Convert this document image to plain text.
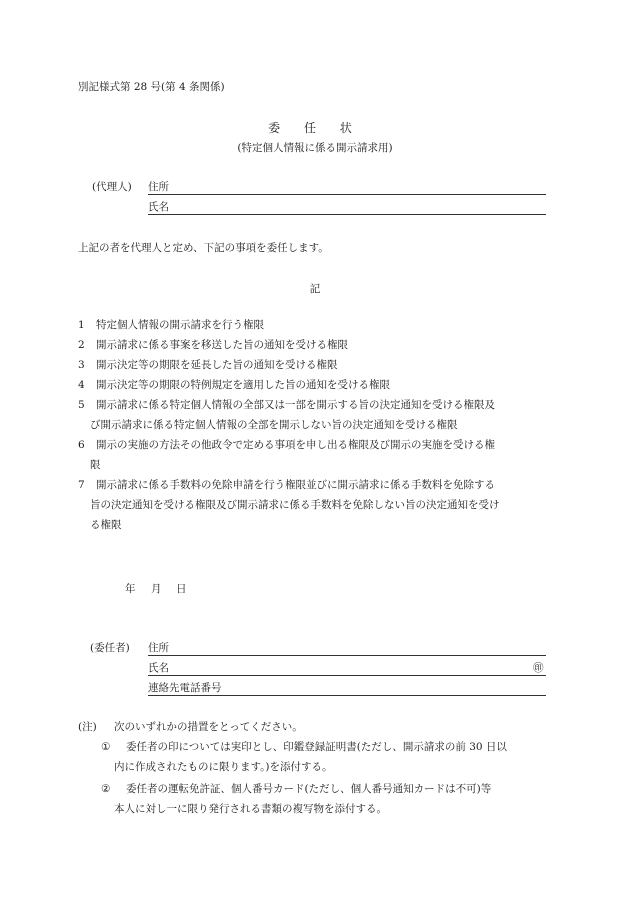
別記様式第 28 号(第 4 条関係)
委 任 状
(特定個人情報に係る開示請求用)
(代理人) 住所
氏名
上記の者を代理人と定め、下記の事項を委任します。
記
1 特定個人情報の開示請求を行う権限
2 開示請求に係る事案を移送した旨の通知を受ける権限
3 開示決定等の期限を延長した旨の通知を受ける権限
4 開示決定等の期限の特例規定を適用した旨の通知を受ける権限
5 開示請求に係る特定個人情報の全部又は一部を開示する旨の決定通知を受ける権限及
び開示請求に係る特定個人情報の全部を開示しない旨の決定通知を受ける権限
6 開示の実施の方法その他政令で定める事項を申し出る権限及び開示の実施を受ける権
限
7 開示請求に係る手数料の免除申請を行う権限並びに開示請求に係る手数料を免除する
旨の決定通知を受ける権限及び開示請求に係る手数料を免除しない旨の決定通知を受け
る権限
年 月 日
(委任者) 住所
氏名	㊞
連絡先電話番号
(注) 次のいずれかの措置をとってください。
① 委任者の印については実印とし、印鑑登録証明書(ただし、開示請求の前 30 日以
内に作成されたものに限ります。)を添付する。
② 委任者の運転免許証、個人番号カード(ただし、個人番号通知カードは不可)等
本人に対し一に限り発行される書類の複写物を添付する。
